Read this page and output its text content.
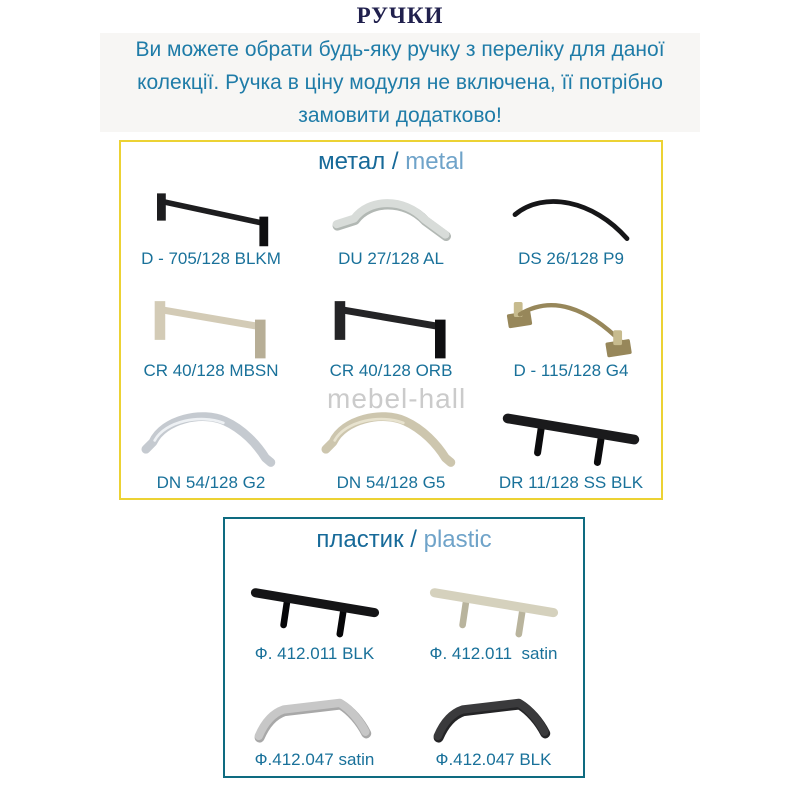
РУЧКИ
Ви можете обрати будь-яку ручку з переліку для даної
колекції. Ручка в ціну модуля не включена, її потрібно
замовити додатково!
метал / metal
D - 705/128 BLKM	DU 27/128 AL	DS 26/128 P9
CR 40/128 MBSN	CR 40/128 ORB	D - 115/128 G4
DN 54/128 G2	DN 54/128 G5	DR 11/128 SS BLK
mebel-hall
пластик / plastic
Ф. 412.011 BLK	Ф. 412.011  satin
Ф.412.047 satin	Ф.412.047 BLK
